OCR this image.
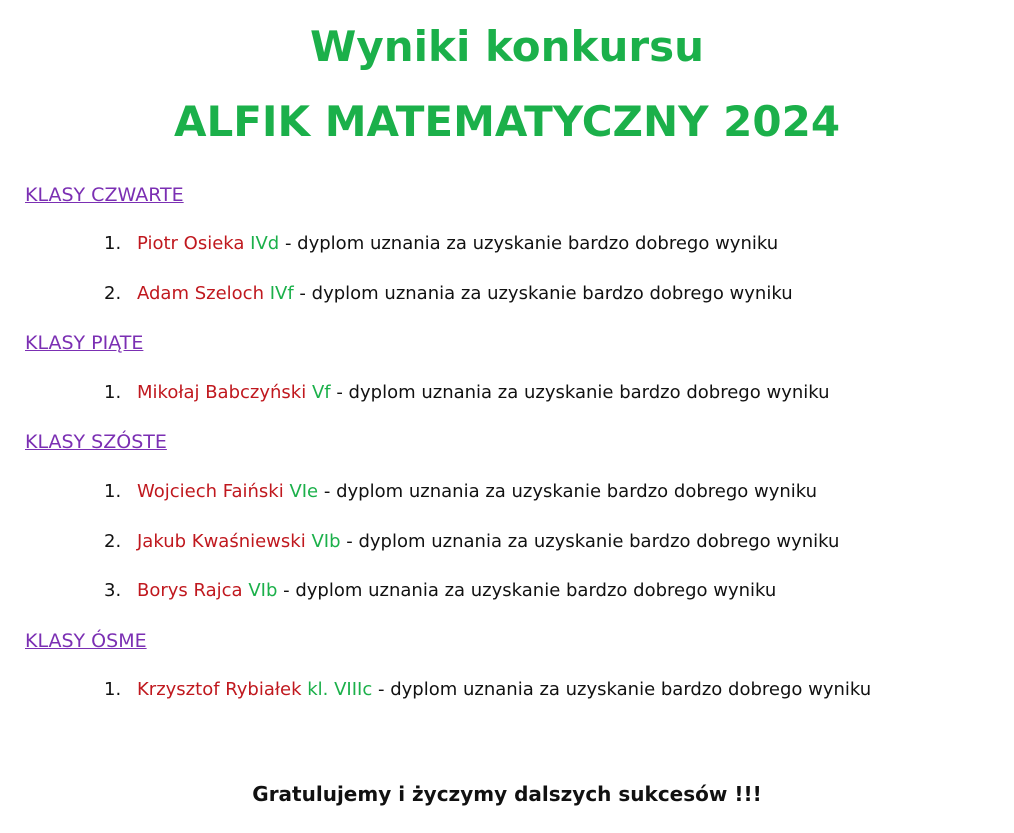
Wyniki konkursu
ALFIK MATEMATYCZNY 2024
KLASY CZWARTE
1. Piotr Osieka IVd - dyplom uznania za uzyskanie bardzo dobrego wyniku
2. Adam Szeloch IVf - dyplom uznania za uzyskanie bardzo dobrego wyniku
KLASY PIĄTE
1. Mikołaj Babczyński Vf - dyplom uznania za uzyskanie bardzo dobrego wyniku
KLASY SZÓSTE
1. Wojciech Faiński VIe - dyplom uznania za uzyskanie bardzo dobrego wyniku
2. Jakub Kwaśniewski VIb - dyplom uznania za uzyskanie bardzo dobrego wyniku
3. Borys Rajca VIb - dyplom uznania za uzyskanie bardzo dobrego wyniku
KLASY ÓSME
1. Krzysztof Rybiałek kl. VIIIc - dyplom uznania za uzyskanie bardzo dobrego wyniku
Gratulujemy i życzymy dalszych sukcesów !!!
